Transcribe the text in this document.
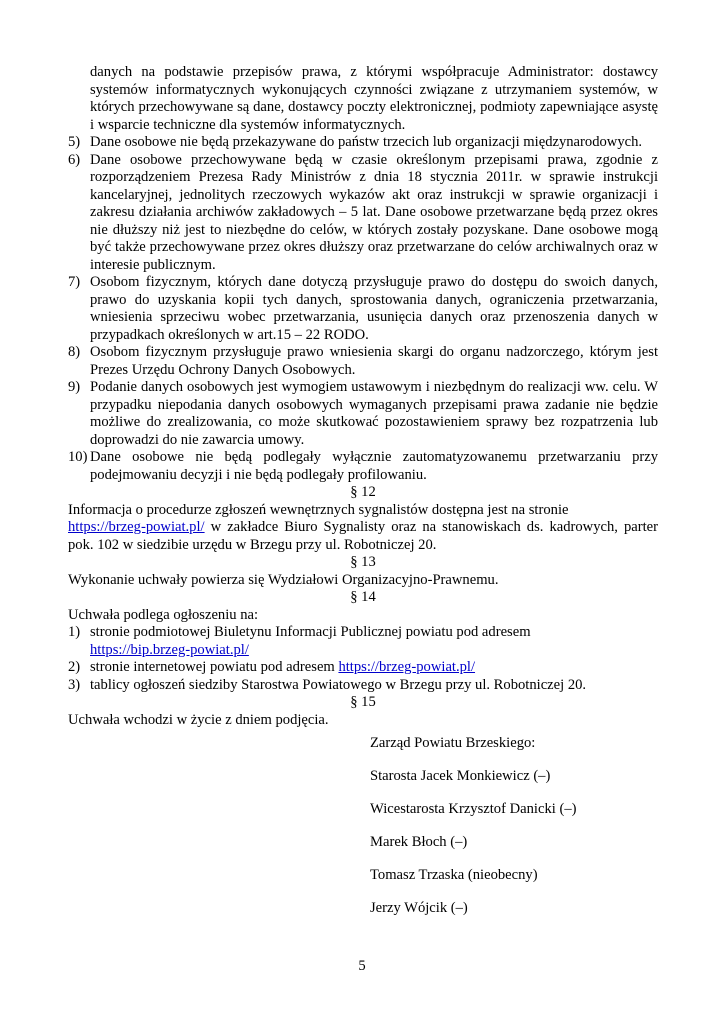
danych na podstawie przepisów prawa, z którymi współpracuje Administrator: dostawcy systemów informatycznych wykonujących czynności związane z utrzymaniem systemów, w których przechowywane są dane, dostawcy poczty elektronicznej, podmioty zapewniające asystę i wsparcie techniczne dla systemów informatycznych.

5) Dane osobowe nie będą przekazywane do państw trzecich lub organizacji międzynarodowych.

6) Dane osobowe przechowywane będą w czasie określonym przepisami prawa, zgodnie z rozporządzeniem Prezesa Rady Ministrów z dnia 18 stycznia 2011r. w sprawie instrukcji kancelaryjnej, jednolitych rzeczowych wykazów akt oraz instrukcji w sprawie organizacji i zakresu działania archiwów zakładowych – 5 lat. Dane osobowe przetwarzane będą przez okres nie dłuższy niż jest to niezbędne do celów, w których zostały pozyskane. Dane osobowe mogą być także przechowywane przez okres dłuższy oraz przetwarzane do celów archiwalnych oraz w interesie publicznym.

7) Osobom fizycznym, których dane dotyczą przysługuje prawo do dostępu do swoich danych, prawo do uzyskania kopii tych danych, sprostowania danych, ograniczenia przetwarzania, wniesienia sprzeciwu wobec przetwarzania, usunięcia danych oraz przenoszenia danych w przypadkach określonych w art.15 – 22 RODO.

8) Osobom fizycznym przysługuje prawo wniesienia skargi do organu nadzorczego, którym jest Prezes Urzędu Ochrony Danych Osobowych.

9) Podanie danych osobowych jest wymogiem ustawowym i niezbędnym do realizacji ww. celu. W przypadku niepodania danych osobowych wymaganych przepisami prawa zadanie nie będzie możliwe do zrealizowania, co może skutkować pozostawieniem sprawy bez rozpatrzenia lub doprowadzi do nie zawarcia umowy.

10) Dane osobowe nie będą podlegały wyłącznie zautomatyzowanemu przetwarzaniu przy podejmowaniu decyzji i nie będą podlegały profilowaniu.

§ 12

Informacja o procedurze zgłoszeń wewnętrznych sygnalistów dostępna jest na stronie

https://brzeg-powiat.pl/ w zakładce Biuro Sygnalisty oraz na stanowiskach ds. kadrowych, parter pok. 102 w siedzibie urzędu w Brzegu przy ul. Robotniczej 20.

§ 13

Wykonanie uchwały powierza się Wydziałowi Organizacyjno-Prawnemu.

§ 14

Uchwała podlega ogłoszeniu na:

1) stronie podmiotowej Biuletynu Informacji Publicznej powiatu pod adresem
https://bip.brzeg-powiat.pl/

2) stronie internetowej powiatu pod adresem https://brzeg-powiat.pl/

3) tablicy ogłoszeń siedziby Starostwa Powiatowego w Brzegu przy ul. Robotniczej 20.

§ 15

Uchwała wchodzi w życie z dniem podjęcia.

Zarząd Powiatu Brzeskiego:

Starosta Jacek Monkiewicz (–)

Wicestarosta Krzysztof Danicki (–)

Marek Błoch (–)

Tomasz Trzaska (nieobecny)

Jerzy Wójcik (–)

5
